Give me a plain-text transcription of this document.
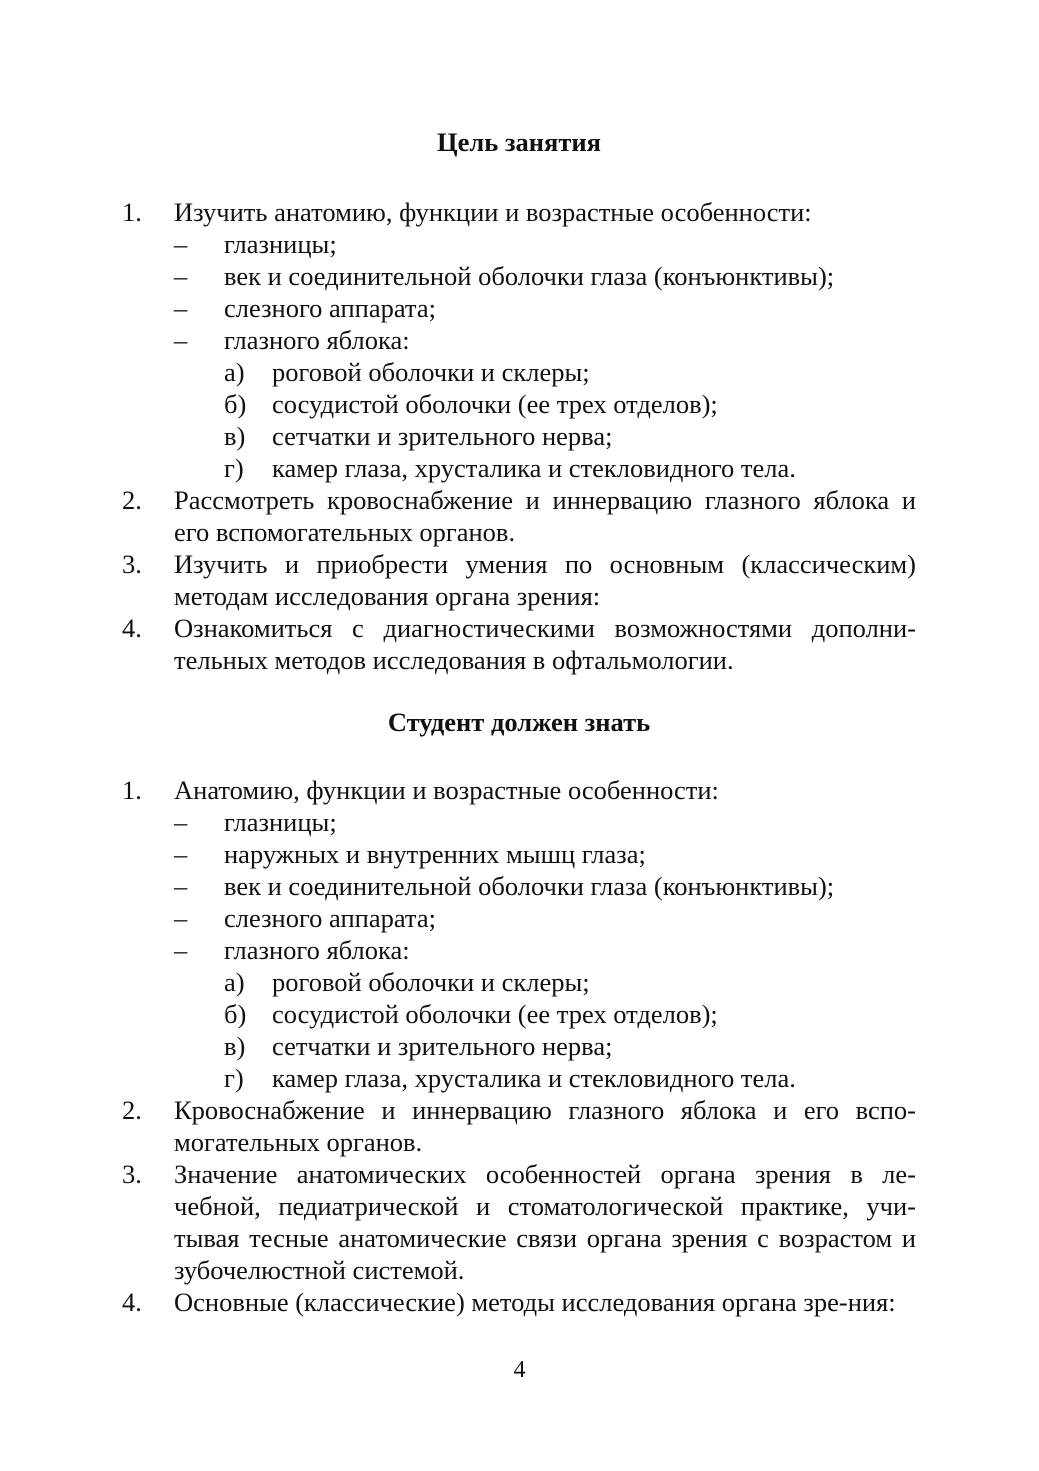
Цель занятия
1.	Изучить анатомию, функции и возрастные особенности:
–	глазницы;
–	век и соединительной оболочки глаза (конъюнктивы);
–	слезного аппарата;
–	глазного яблока:
а)	роговой оболочки и склеры;
б) сосудистой оболочки (ее трех отделов);
в)	сетчатки и зрительного нерва;
г)	камер глаза, хрусталика и стекловидного тела.
2.	Рассмотреть кровоснабжение и иннервацию глазного яблока и его вспомогательных органов.
3.	Изучить и приобрести умения по основным (классическим) методам исследования органа зрения:
4.	Ознакомиться с диагностическими возможностями дополни-тельных методов исследования в офтальмологии.
Студент должен знать
1.	Анатомию, функции и возрастные особенности:
–	глазницы;
–	наружных и внутренних мышц глаза;
–	век и соединительной оболочки глаза (конъюнктивы);
–	слезного аппарата;
–	глазного яблока:
а)	роговой оболочки и склеры;
б) сосудистой оболочки (ее трех отделов);
в)	сетчатки и зрительного нерва;
г)	камер глаза, хрусталика и стекловидного тела.
2.	Кровоснабжение и иннервацию глазного яблока и его вспо-могательных органов.
3.	Значение анатомических особенностей органа зрения в ле-чебной, педиатрической и стоматологической практике, учи-тывая тесные анатомические связи органа зрения с возрастом и зубочелюстной системой.
4.	Основные (классические) методы исследования органа зре-ния:
4
